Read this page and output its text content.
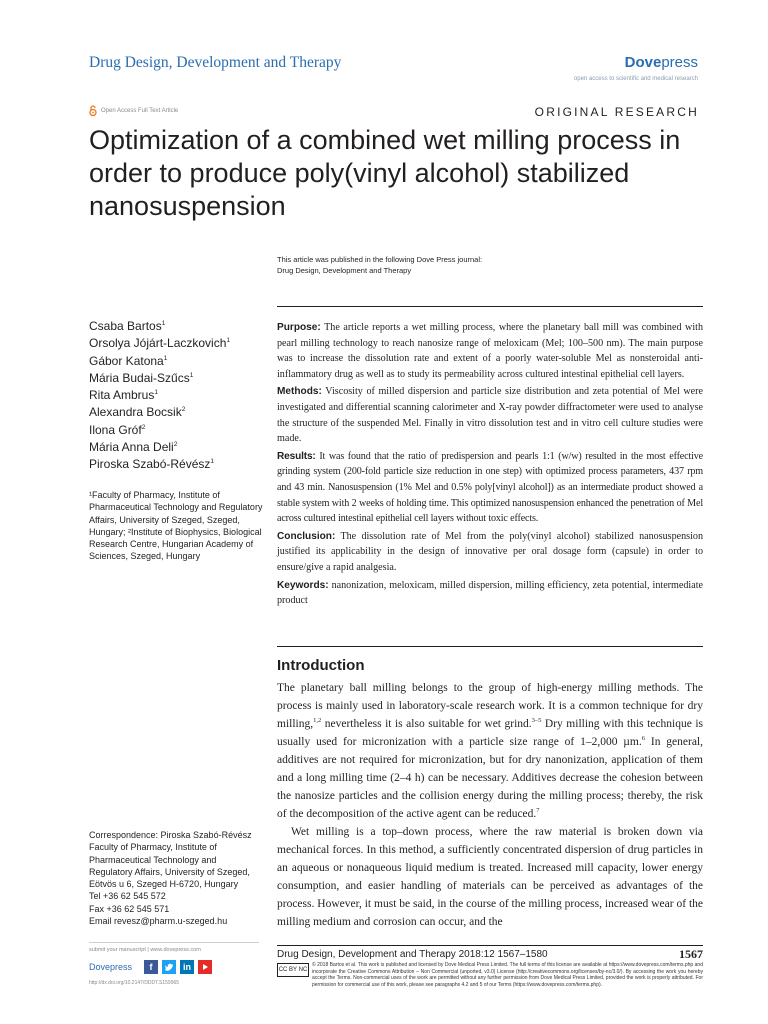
Drug Design, Development and Therapy	Dovepress
open access to scientific and medical research
Open Access Full Text Article	ORIGINAL RESEARCH
Optimization of a combined wet milling process in order to produce poly(vinyl alcohol) stabilized nanosuspension
This article was published in the following Dove Press journal:
Drug Design, Development and Therapy
Csaba Bartos$^1$
Orsolya Jójárt-Laczkovich$^1$
Gábor Katona$^1$
Mária Budai-Szűcs$^1$
Rita Ambrus$^1$
Alexandra Bocsik$^2$
Ilona Gróf$^2$
Mária Anna Deli$^2$
Piroska Szabó-Révész$^1$
¹Faculty of Pharmacy, Institute of Pharmaceutical Technology and Regulatory Affairs, University of Szeged, Szeged, Hungary; ²Institute of Biophysics, Biological Research Centre, Hungarian Academy of Sciences, Szeged, Hungary

Purpose: The article reports a wet milling process, where the planetary ball mill was combined with pearl milling technology to reach nanosize range of meloxicam (Mel; 100–500 nm). The main purpose was to increase the dissolution rate and extent of a poorly water-soluble Mel as nonsteroidal anti-inflammatory drug as well as to study its permeability across cultured intestinal epithelial cell layers.

Methods: Viscosity of milled dispersion and particle size distribution and zeta potential of Mel were investigated and differential scanning calorimeter and X-ray powder diffractometer were used to analyse the structure of the suspended Mel. Finally in vitro dissolution test and in vitro cell culture studies were made.

Results: It was found that the ratio of predispersion and pearls 1:1 (w/w) resulted in the most effective grinding system (200-fold particle size reduction in one step) with optimized process parameters, 437 rpm and 43 min. Nanosuspension (1% Mel and 0.5% poly[vinyl alcohol]) as an intermediate product showed a stable system with 2 weeks of holding time. This optimized nanosuspension enhanced the penetration of Mel across cultured intestinal epithelial cell layers without toxic effects.

Conclusion: The dissolution rate of Mel from the poly(vinyl alcohol) stabilized nanosuspension justified its applicability in the design of innovative per oral dosage form (capsule) in order to ensure/give a rapid analgesia.

Keywords: nanonization, meloxicam, milled dispersion, milling efficiency, zeta potential, intermediate product

Introduction

The planetary ball milling belongs to the group of high-energy milling methods. The process is mainly used in laboratory-scale research work. It is a common technique for dry milling,$^{1,2}$ nevertheless it is also suitable for wet grind.$^{3-5}$ Dry milling with this technique is usually used for micronization with a particle size range of 1–2,000 µm.$^6$ In general, additives are not required for micronization, but for dry nanonization, application of them and a long milling time (2–4 h) can be necessary. Additives decrease the cohesion between the nanosize particles and the collision energy during the milling process; thereby, the risk of the decomposition of the active agent can be reduced.$^7$

Wet milling is a top–down process, where the raw material is broken down via mechanical forces. In this method, a sufficiently concentrated dispersion of drug particles in an aqueous or nonaqueous liquid medium is treated. Increased mill capacity, lower energy consumption, and easier handling of materials can be perceived as advantages of the process. However, it must be said, in the course of the milling process, increased wear of the milling medium and corrosion can occur, and the

Correspondence: Piroska Szabó-Révész
Faculty of Pharmacy, Institute of
Pharmaceutical Technology and
Regulatory Affairs, University of Szeged,
Eötvös u 6, Szeged H-6720, Hungary
Tel +36 62 545 572
Fax +36 62 545 571
Email revesz@pharm.u-szeged.hu
submit your manuscript | www.dovepress.com
Dovepress	f	in
http://dx.doi.org/10.2147/DDDT.S159965
Drug Design, Development and Therapy 2018:12 1567–1580	1567
CC BY NC
© 2018 Bartos et al. This work is published and licensed by Dove Medical Press Limited. The full terms of this license are available at https://www.dovepress.com/terms.php and incorporate the Creative Commons Attribution – Non Commercial (unported, v3.0) License (http://creativecommons.org/licenses/by-nc/3.0/). By accessing the work you hereby accept the Terms. Non-commercial uses of the work are permitted without any further permission from Dove Medical Press Limited, provided the work is properly attributed. For permission for commercial use of this work, please see paragraphs 4.2 and 5 of our Terms (https://www.dovepress.com/terms.php).
